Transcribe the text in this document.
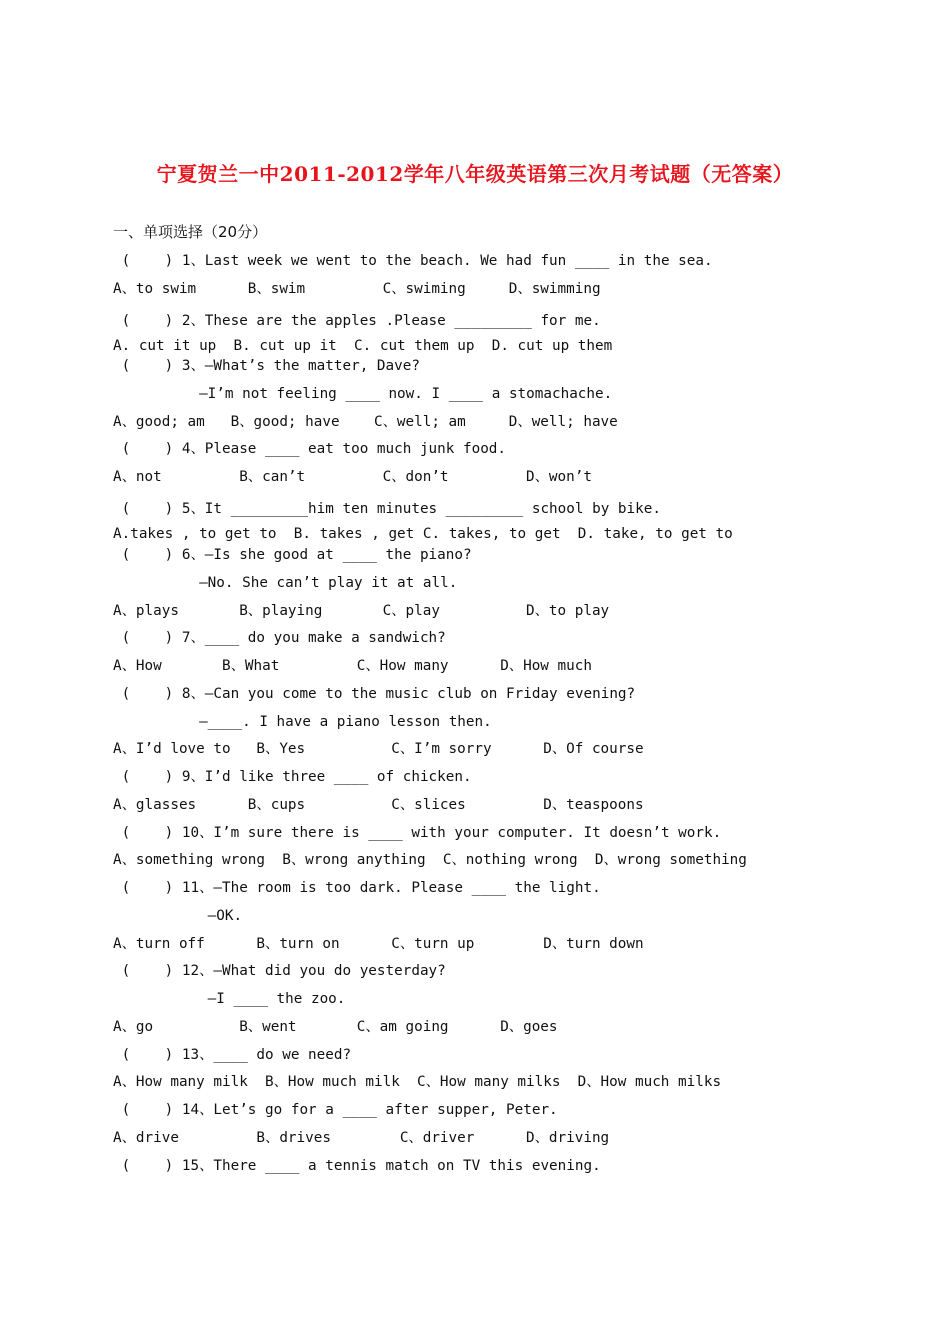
宁夏贺兰一中2011-2012学年八年级英语第三次月考试题（无答案）
一、单项选择（20分）
(    ) 1、Last week we went to the beach. We had fun ____ in the sea.
A、to swim      B、swim         C、swiming     D、swimming
(    ) 2、These are the apples .Please _________ for me.
A. cut it up  B. cut up it  C. cut them up  D. cut up them
(    ) 3、—What’s the matter, Dave?
—I’m not feeling ____ now. I ____ a stomachache.
A、good; am   B、good; have    C、well; am     D、well; have
(    ) 4、Please ____ eat too much junk food.
A、not         B、can’t         C、don’t         D、won’t
(    ) 5、It _________him ten minutes _________ school by bike.
A.takes , to get to  B. takes , get C. takes, to get  D. take, to get to
(    ) 6、—Is she good at ____ the piano?
—No. She can’t play it at all.
A、plays       B、playing       C、play          D、to play
(    ) 7、____ do you make a sandwich?
A、How       B、What         C、How many      D、How much
(    ) 8、—Can you come to the music club on Friday evening?
—____. I have a piano lesson then.
A、I’d love to   B、Yes          C、I’m sorry      D、Of course
(    ) 9、I’d like three ____ of chicken.
A、glasses      B、cups          C、slices         D、teaspoons
(    ) 10、I’m sure there is ____ with your computer. It doesn’t work.
A、something wrong  B、wrong anything  C、nothing wrong  D、wrong something
(    ) 11、—The room is too dark. Please ____ the light.
—OK.
A、turn off      B、turn on      C、turn up        D、turn down
(    ) 12、—What did you do yesterday?
—I ____ the zoo.
A、go          B、went       C、am going      D、goes
(    ) 13、____ do we need?
A、How many milk  B、How much milk  C、How many milks  D、How much milks
(    ) 14、Let’s go for a ____ after supper, Peter.
A、drive         B、drives        C、driver      D、driving
(    ) 15、There ____ a tennis match on TV this evening.
